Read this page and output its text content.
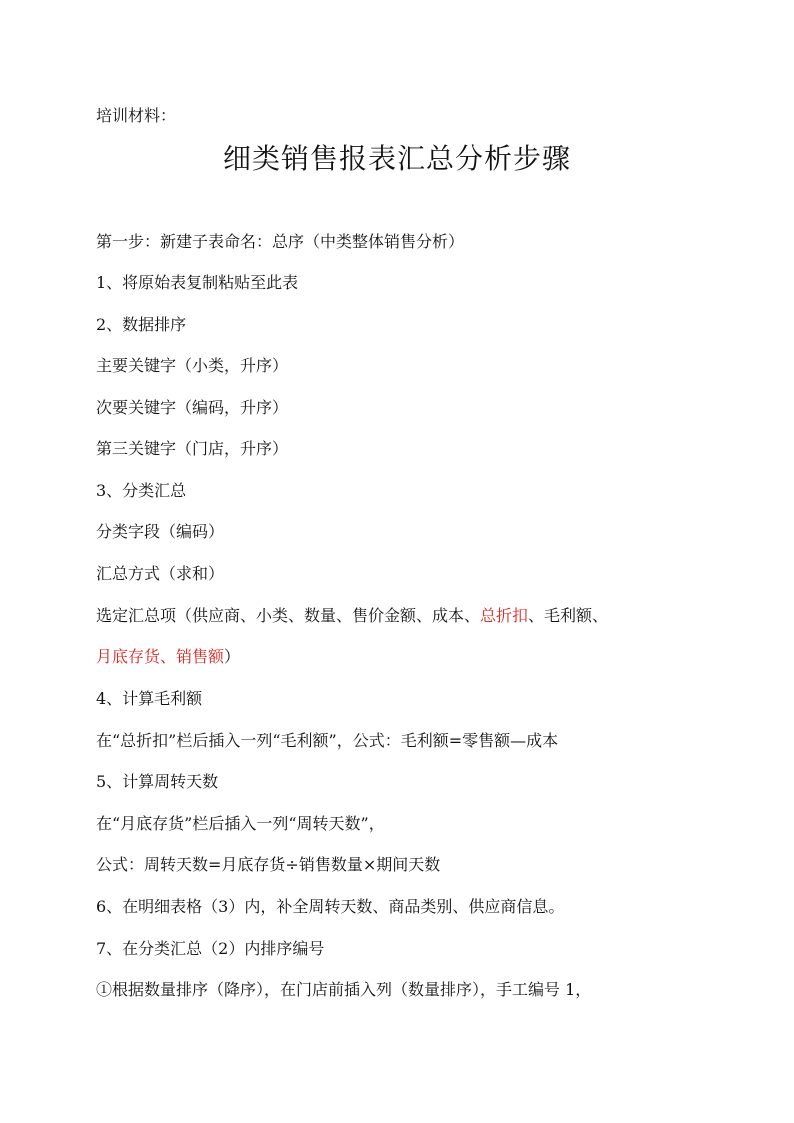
培训材料：

细类销售报表汇总分析步骤

第一步：新建子表命名：总序（中类整体销售分析）

1、将原始表复制粘贴至此表

2、数据排序

主要关键字（小类，升序）

次要关键字（编码，升序）

第三关键字（门店，升序）

3、分类汇总

分类字段（编码）

汇总方式（求和）

选定汇总项（供应商、小类、数量、售价金额、成本、总折扣、毛利额、

月底存货、销售额）

4、计算毛利额

在“总折扣”栏后插入一列“毛利额”，公式：毛利额=零售额—成本

5、计算周转天数

在“月底存货”栏后插入一列“周转天数”，

公式：周转天数=月底存货÷销售数量×期间天数

6、在明细表格（3）内，补全周转天数、商品类别、供应商信息。

7、在分类汇总（2）内排序编号

①根据数量排序（降序），在门店前插入列（数量排序），手工编号 1，
